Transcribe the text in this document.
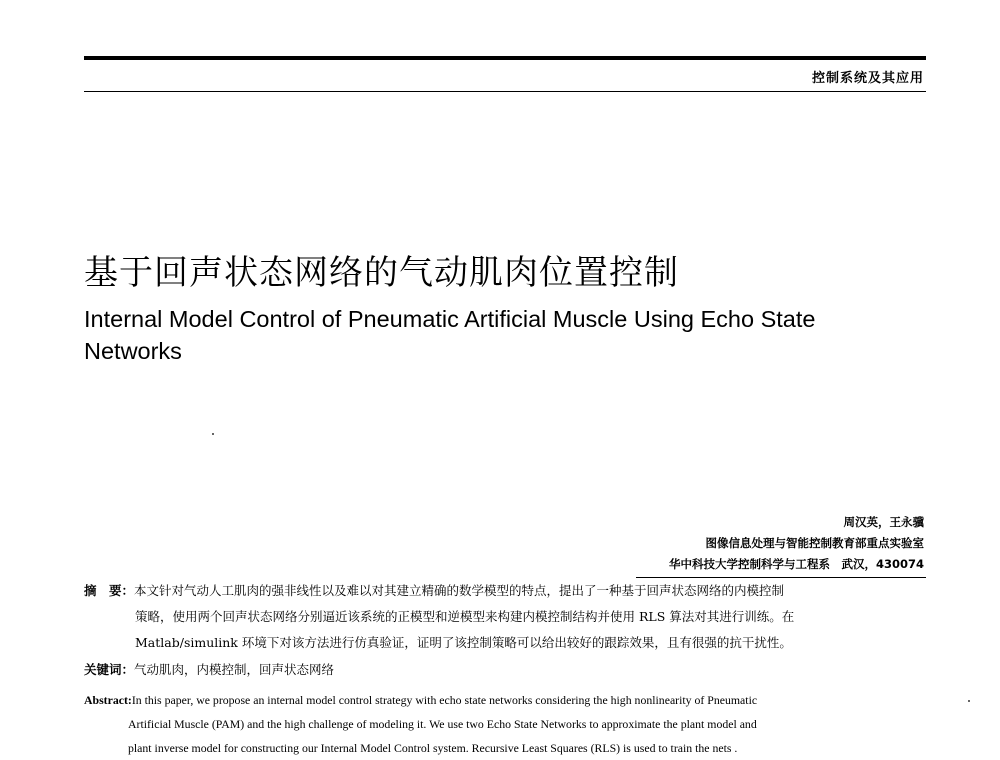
控制系统及其应用
基于回声状态网络的气动肌肉位置控制
Internal Model Control of Pneumatic Artificial Muscle Using Echo State Networks
周汉英，王永骥
图像信息处理与智能控制教育部重点实验室
华中科技大学控制科学与工程系　武汉，430074
摘　要：本文针对气动人工肌肉的强非线性以及难以对其建立精确的数学模型的特点，提出了一种基于回声状态网络的内模控制
策略，使用两个回声状态网络分别逼近该系统的正模型和逆模型来构建内模控制结构并使用 RLS 算法对其进行训练。在
Matlab/simulink 环境下对该方法进行仿真验证，证明了该控制策略可以给出较好的跟踪效果，且有很强的抗干扰性。
关键词：气动肌肉，内模控制，回声状态网络
Abstract:In this paper, we propose an internal model control strategy with echo state networks considering the high nonlinearity of Pneumatic
Artificial Muscle (PAM) and the high challenge of modeling it. We use two Echo State Networks to approximate the plant model and
plant inverse model for constructing our Internal Model Control system. Recursive Least Squares (RLS) is used to train the nets .
